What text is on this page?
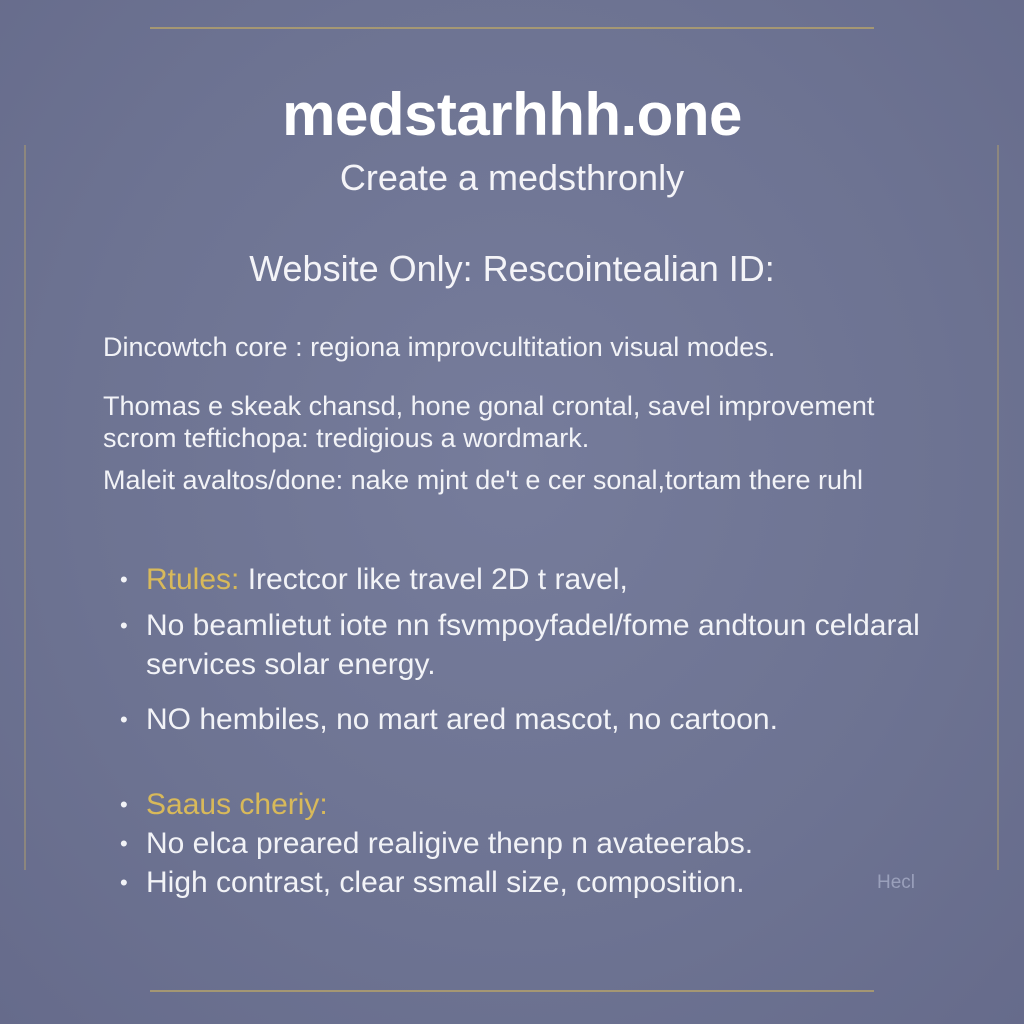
medstarhhh.one
Create a medsthronly
Website Only: Rescointealian ID:
Dincowtch core : regiona improvcultitation visual modes.
Thomas e skeak chansd, hone gonal crontal, savel improvement scrom teftichopa: tredigious a wordmark.
Maleit avaltos/done: nake mjnt de't e cer sonal,tortam there ruhl
• Rtules: Irectcor like travel 2D t ravel,
• No beamlietut iote nn fsvmpoyfadel/fome andtoun celdaral services solar energy.
• NO hembiles, no mart ared mascot, no cartoon.
• Saaus cheriy:
• No elca preared realigive thenp n avateerabs.
• High contrast, clear ssmall size, composition.	Hecl
